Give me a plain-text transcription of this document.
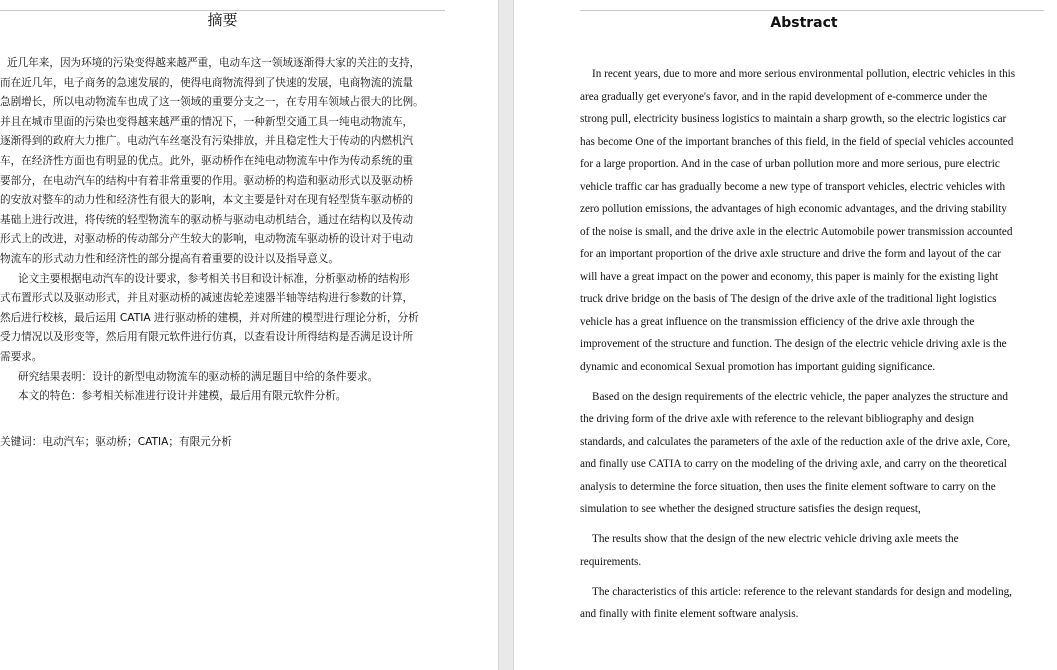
摘要
近几年来，因为环境的污染变得越来越严重，电动车这一领域逐渐得大家的关注的支持，
而在近几年，电子商务的急速发展的，使得电商物流得到了快速的发展，电商物流的流量
急剧增长，所以电动物流车也成了这一领域的重要分支之一，在专用车领域占很大的比例。
并且在城市里面的污染也变得越来越严重的情况下，一种新型交通工具一纯电动物流车，
逐渐得到的政府大力推广。电动汽车丝毫没有污染排放，并且稳定性大于传动的内燃机汽
车，在经济性方面也有明显的优点。此外，驱动桥作在纯电动物流车中作为传动系统的重
要部分，在电动汽车的结构中有着非常重要的作用。驱动桥的构造和驱动形式以及驱动桥
的安放对整车的动力性和经济性有很大的影响，本文主要是针对在现有轻型货车驱动桥的
基础上进行改进，将传统的轻型物流车的驱动桥与驱动电动机结合，通过在结构以及传动
形式上的改进，对驱动桥的传动部分产生较大的影响，电动物流车驱动桥的设计对于电动
物流车的形式动力性和经济性的部分提高有着重要的设计以及指导意义。
论文主要根据电动汽车的设计要求，参考相关书目和设计标准，分析驱动桥的结构形
式布置形式以及驱动形式，并且对驱动桥的减速齿轮差速器半轴等结构进行参数的计算，
然后进行校核，最后运用 CATIA 进行驱动桥的建模，并对所建的模型进行理论分析，分析
受力情况以及形变等，然后用有限元软件进行仿真，以查看设计所得结构是否满足设计所
需要求。
研究结果表明：设计的新型电动物流车的驱动桥的满足题目中给的条件要求。
本文的特色：参考相关标准进行设计并建模，最后用有限元软件分析。
关键词：电动汽车；驱动桥；CATIA；有限元分析
Abstract
In recent years, due to more and more serious environmental pollution, electric vehicles in this
area gradually get everyone's favor, and in the rapid development of e-commerce under the
strong pull, electricity business logistics to maintain a sharp growth, so the electric logistics car
has become One of the important branches of this field, in the field of special vehicles accounted
for a large proportion. And in the case of urban pollution more and more serious, pure electric
vehicle traffic car has gradually become a new type of transport vehicles, electric vehicles with
zero pollution emissions, the advantages of high economic advantages, and the driving stability
of the noise is small, and the drive axle in the electric Automobile power transmission accounted
for an important proportion of the drive axle structure and drive the form and layout of the car
will have a great impact on the power and economy, this paper is mainly for the existing light
truck drive bridge on the basis of The design of the drive axle of the traditional light logistics
vehicle has a great influence on the transmission efficiency of the drive axle through the
improvement of the structure and function. The design of the electric vehicle driving axle is the
dynamic and economical Sexual promotion has important guiding significance.
Based on the design requirements of the electric vehicle, the paper analyzes the structure and
the driving form of the drive axle with reference to the relevant bibliography and design
standards, and calculates the parameters of the axle of the reduction axle of the drive axle, Core,
and finally use CATIA to carry on the modeling of the driving axle, and carry on the theoretical
analysis to determine the force situation, then uses the finite element software to carry on the
simulation to see whether the designed structure satisfies the design request,
The results show that the design of the new electric vehicle driving axle meets the
requirements.
The characteristics of this article: reference to the relevant standards for design and modeling,
and finally with finite element software analysis.
